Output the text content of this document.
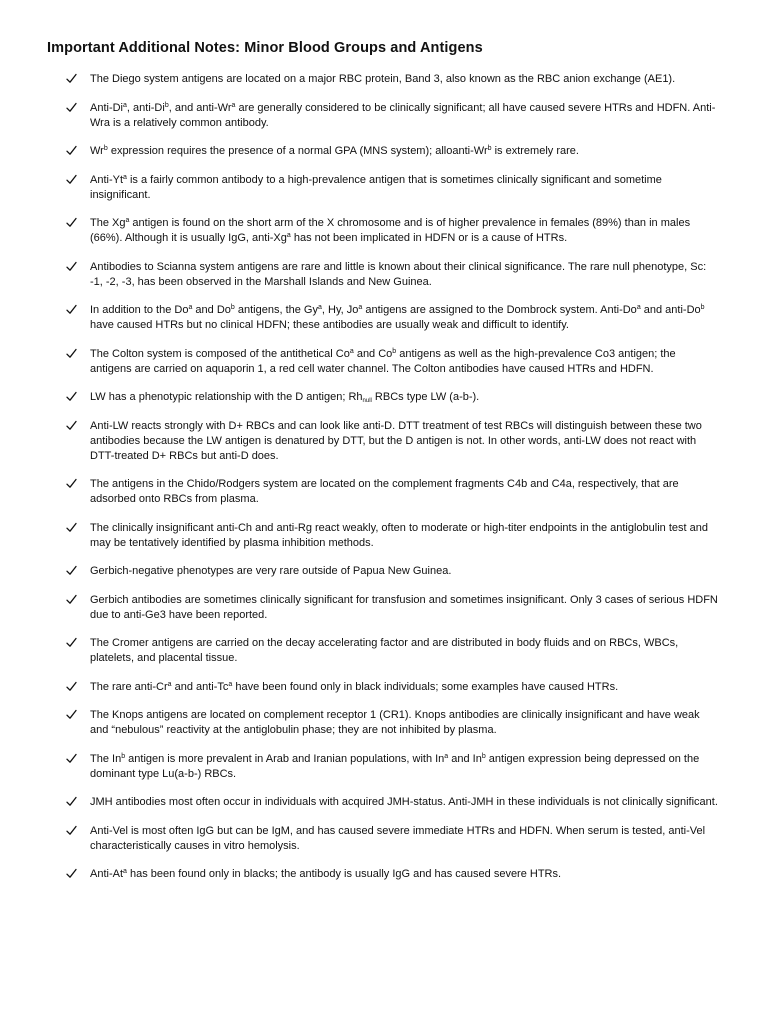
Important Additional Notes: Minor Blood Groups and Antigens
The Diego system antigens are located on a major RBC protein, Band 3, also known as the RBC anion exchange (AE1).
Anti-Di$^a$, anti-Di$^b$, and anti-Wr$^a$ are generally considered to be clinically significant; all have caused severe HTRs and HDFN. Anti-Wra is a relatively common antibody.
Wr$^b$ expression requires the presence of a normal GPA (MNS system); alloanti-Wr$^b$ is extremely rare.
Anti-Yt$^a$ is a fairly common antibody to a high-prevalence antigen that is sometimes clinically significant and sometime insignificant.
The Xg$^a$ antigen is found on the short arm of the X chromosome and is of higher prevalence in females (89%) than in males (66%). Although it is usually IgG, anti-Xg$^a$ has not been implicated in HDFN or is a cause of HTRs.
Antibodies to Scianna system antigens are rare and little is known about their clinical significance. The rare null phenotype, Sc: -1, -2, -3, has been observed in the Marshall Islands and New Guinea.
In addition to the Do$^a$ and Do$^b$ antigens, the Gy$^a$, Hy, Jo$^a$ antigens are assigned to the Dombrock system. Anti-Do$^a$ and anti-Do$^b$ have caused HTRs but no clinical HDFN; these antibodies are usually weak and difficult to identify.
The Colton system is composed of the antithetical Co$^a$ and Co$^b$ antigens as well as the high-prevalence Co3 antigen; the antigens are carried on aquaporin 1, a red cell water channel. The Colton antibodies have caused HTRs and HDFN.
LW has a phenotypic relationship with the D antigen; $Rh_{null}$ RBCs type LW (a-b-).
Anti-LW reacts strongly with D+ RBCs and can look like anti-D. DTT treatment of test RBCs will distinguish between these two antibodies because the LW antigen is denatured by DTT, but the D antigen is not. In other words, anti-LW does not react with DTT-treated D+ RBCs but anti-D does.
The antigens in the Chido/Rodgers system are located on the complement fragments C4b and C4a, respectively, that are adsorbed onto RBCs from plasma.
The clinically insignificant anti-Ch and anti-Rg react weakly, often to moderate or high-titer endpoints in the antiglobulin test and may be tentatively identified by plasma inhibition methods.
Gerbich-negative phenotypes are very rare outside of Papua New Guinea.
Gerbich antibodies are sometimes clinically significant for transfusion and sometimes insignificant. Only 3 cases of serious HDFN due to anti-Ge3 have been reported.
The Cromer antigens are carried on the decay accelerating factor and are distributed in body fluids and on RBCs, WBCs, platelets, and placental tissue.
The rare anti-Cr$^a$ and anti-Tc$^a$ have been found only in black individuals; some examples have caused HTRs.
The Knops antigens are located on complement receptor 1 (CR1). Knops antibodies are clinically insignificant and have weak and “nebulous” reactivity at the antiglobulin phase; they are not inhibited by plasma.
The In$^b$ antigen is more prevalent in Arab and Iranian populations, with In$^a$ and In$^b$ antigen expression being depressed on the dominant type Lu(a-b-) RBCs.
JMH antibodies most often occur in individuals with acquired JMH-status. Anti-JMH in these individuals is not clinically significant.
Anti-Vel is most often IgG but can be IgM, and has caused severe immediate HTRs and HDFN. When serum is tested, anti-Vel characteristically causes in vitro hemolysis.
Anti-At$^a$ has been found only in blacks; the antibody is usually IgG and has caused severe HTRs.
